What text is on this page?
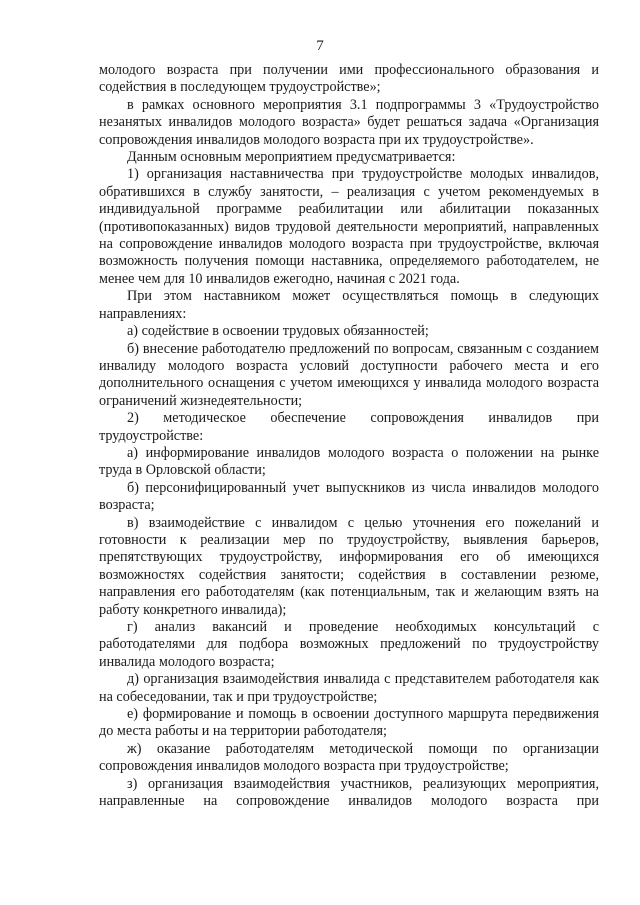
7

молодого возраста при получении ими профессионального образования и содействия в последующем трудоустройстве»;

в рамках основного мероприятия 3.1 подпрограммы 3 «Трудоустройство незанятых инвалидов молодого возраста» будет решаться задача «Организация сопровождения инвалидов молодого возраста при их трудоустройстве».

Данным основным мероприятием предусматривается:

1) организация наставничества при трудоустройстве молодых инвалидов, обратившихся в службу занятости, – реализация с учетом рекомендуемых в индивидуальной программе реабилитации или абилитации показанных (противопоказанных) видов трудовой деятельности мероприятий, направленных на сопровождение инвалидов молодого возраста при трудоустройстве, включая возможность получения помощи наставника, определяемого работодателем, не менее чем для 10 инвалидов ежегодно, начиная с 2021 года.

При этом наставником может осуществляться помощь в следующих направлениях:

а) содействие в освоении трудовых обязанностей;

б) внесение работодателю предложений по вопросам, связанным с созданием инвалиду молодого возраста условий доступности рабочего места и его дополнительного оснащения с учетом имеющихся у инвалида молодого возраста ограничений жизнедеятельности;

2) методическое обеспечение сопровождения инвалидов при трудоустройстве:

а) информирование инвалидов молодого возраста о положении на рынке труда в Орловской области;

б) персонифицированный учет выпускников из числа инвалидов молодого возраста;

в) взаимодействие с инвалидом с целью уточнения его пожеланий и готовности к реализации мер по трудоустройству, выявления барьеров, препятствующих трудоустройству, информирования его об имеющихся возможностях содействия занятости; содействия в составлении резюме, направления его работодателям (как потенциальным, так и желающим взять на работу конкретного инвалида);

г) анализ вакансий и проведение необходимых консультаций с работодателями для подбора возможных предложений по трудоустройству инвалида молодого возраста;

д) организация взаимодействия инвалида с представителем работодателя как на собеседовании, так и при трудоустройстве;

е) формирование и помощь в освоении доступного маршрута передвижения до места работы и на территории работодателя;

ж) оказание работодателям методической помощи по организации сопровождения инвалидов молодого возраста при трудоустройстве;

з) организация взаимодействия участников, реализующих мероприятия, направленные на сопровождение инвалидов молодого возраста при
